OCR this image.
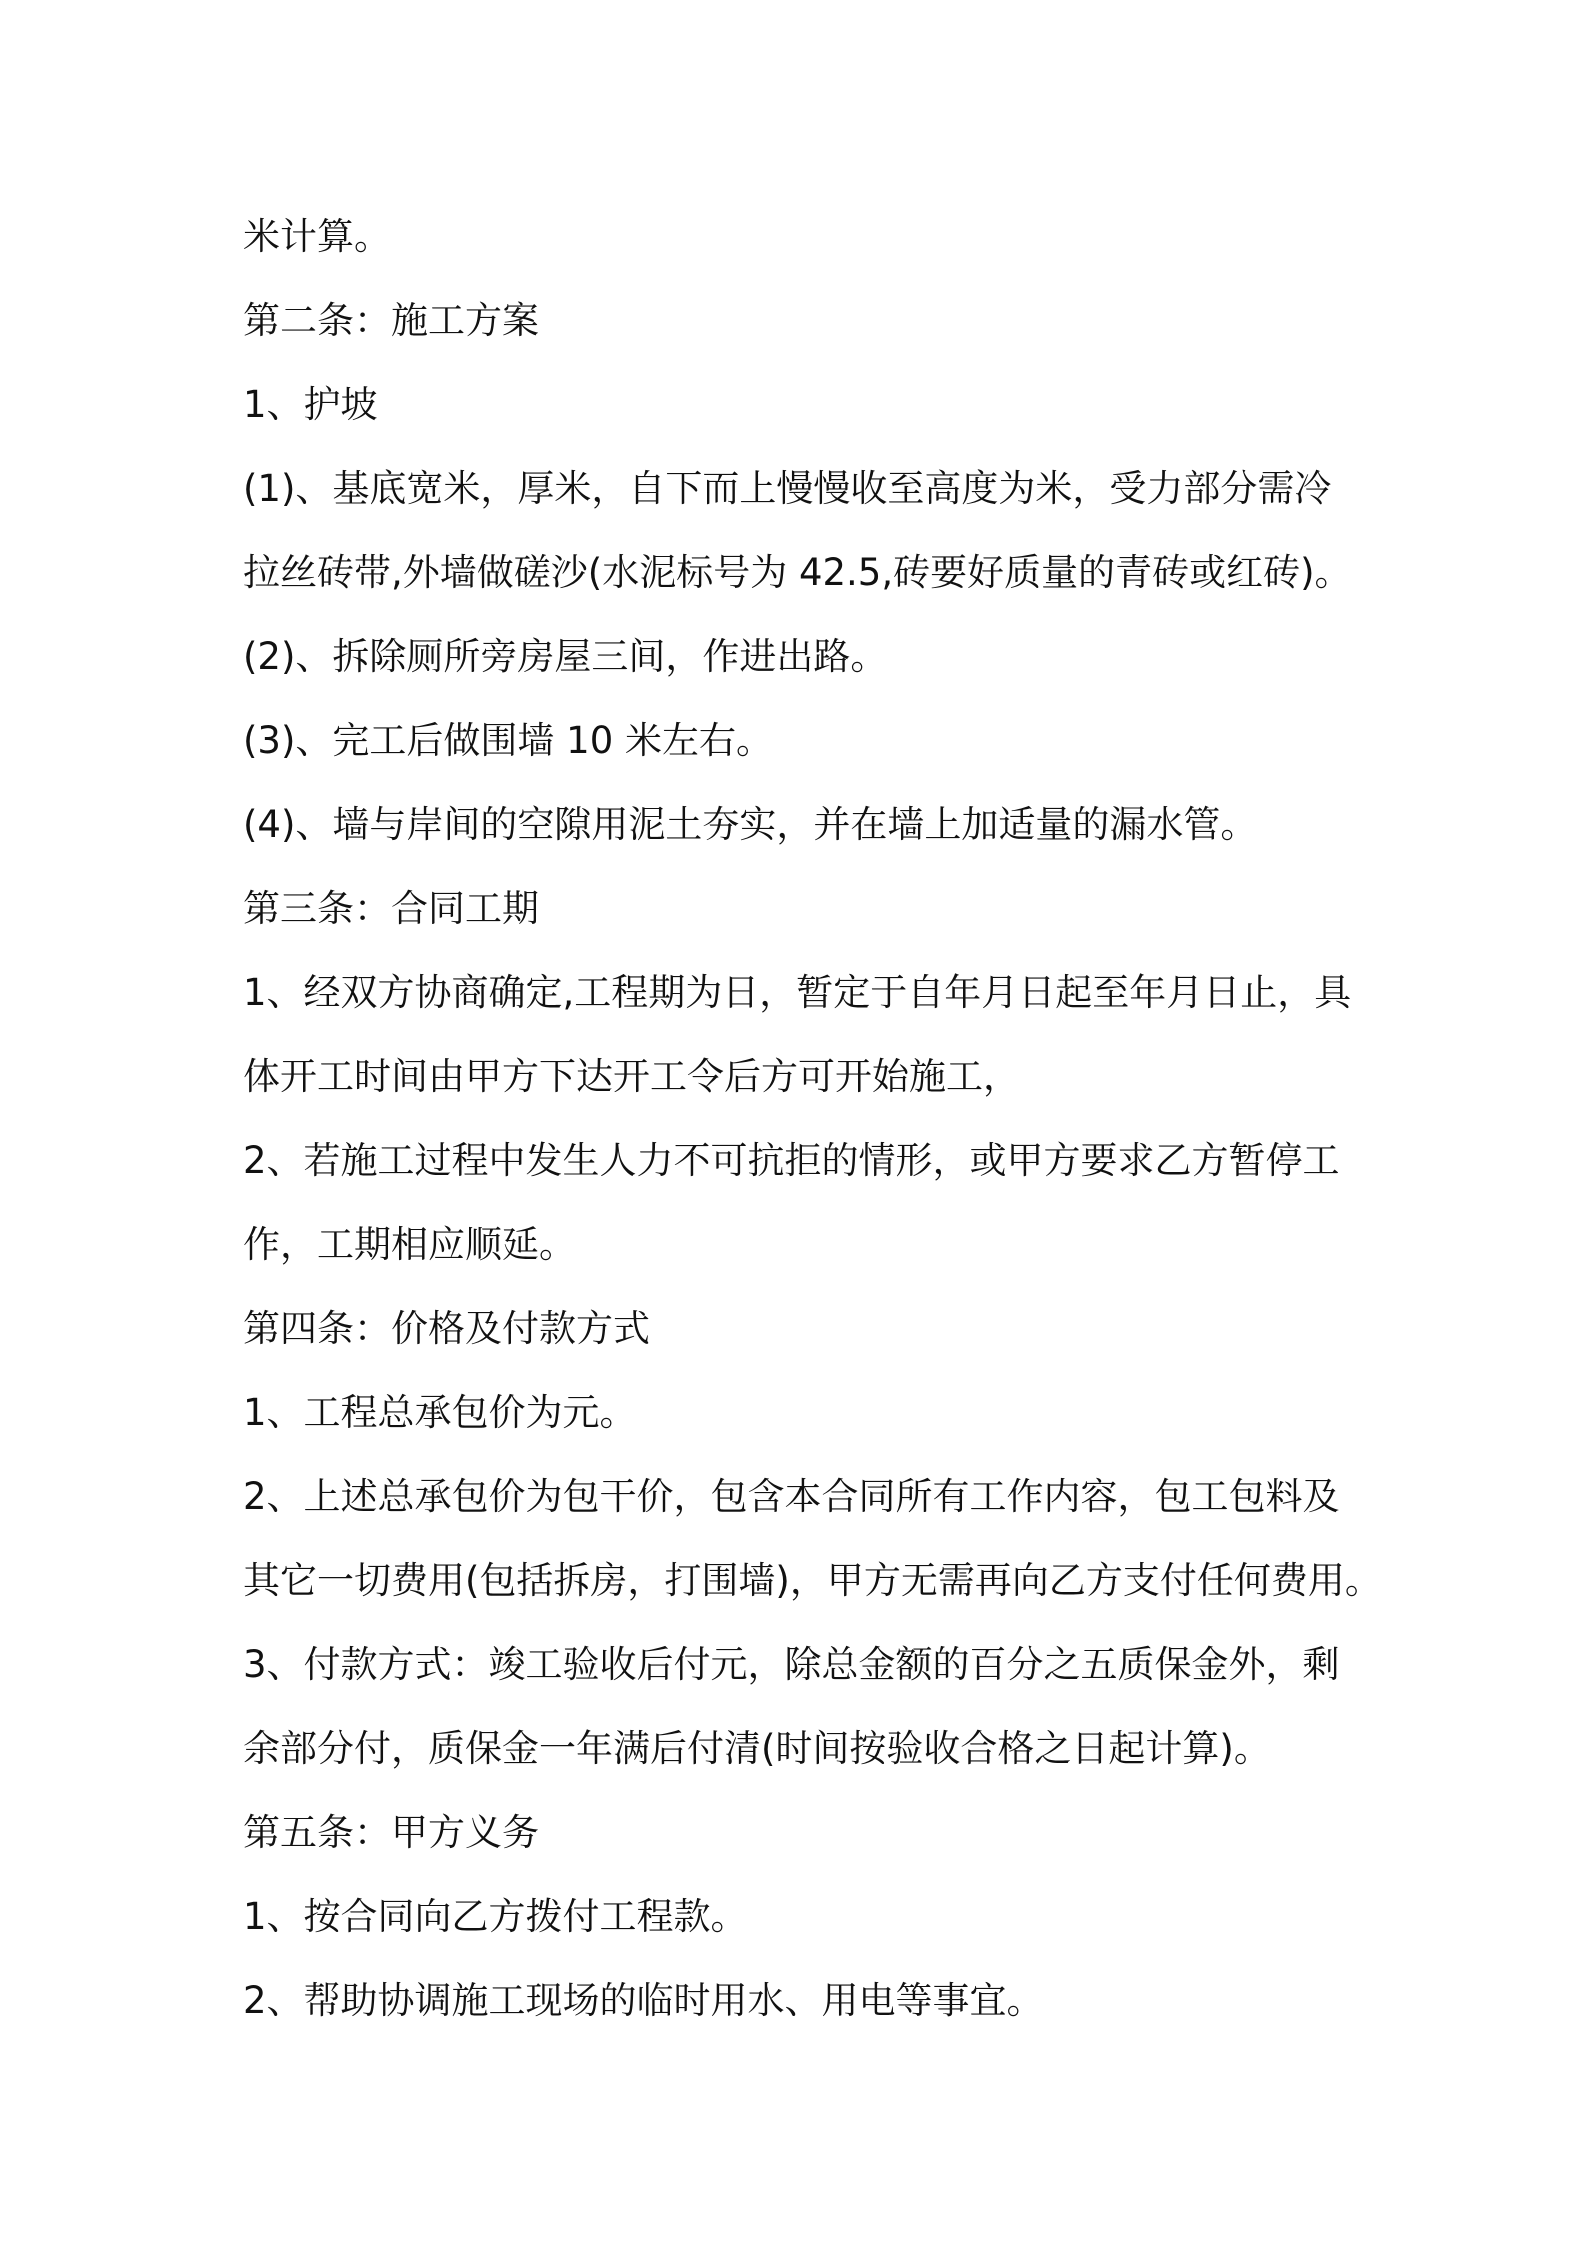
米计算。
第二条：施工方案
1、护坡
(1)、基底宽米，厚米，自下而上慢慢收至高度为米，受力部分需冷
拉丝砖带,外墙做磋沙(水泥标号为 42.5,砖要好质量的青砖或红砖)。
(2)、拆除厕所旁房屋三间，作进出路。
(3)、完工后做围墙 10 米左右。
(4)、墙与岸间的空隙用泥土夯实，并在墙上加适量的漏水管。
第三条：合同工期
1、经双方协商确定,工程期为日，暂定于自年月日起至年月日止，具
体开工时间由甲方下达开工令后方可开始施工，
2、若施工过程中发生人力不可抗拒的情形，或甲方要求乙方暂停工
作，工期相应顺延。
第四条：价格及付款方式
1、工程总承包价为元。
2、上述总承包价为包干价，包含本合同所有工作内容，包工包料及
其它一切费用(包括拆房，打围墙)，甲方无需再向乙方支付任何费用。
3、付款方式：竣工验收后付元，除总金额的百分之五质保金外，剩
余部分付，质保金一年满后付清(时间按验收合格之日起计算)。
第五条：甲方义务
1、按合同向乙方拨付工程款。
2、帮助协调施工现场的临时用水、用电等事宜。
